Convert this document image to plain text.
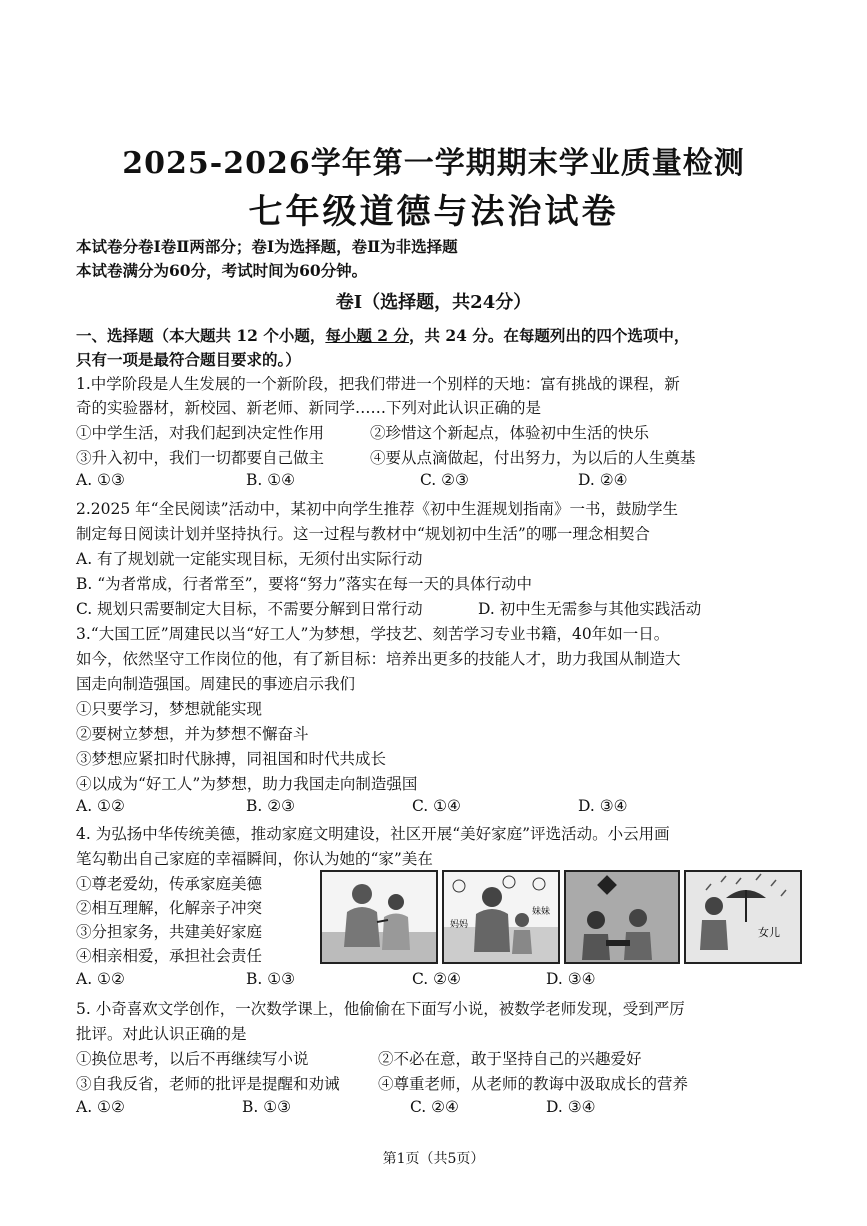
2025-2026学年第一学期期末学业质量检测
七年级道德与法治试卷
本试卷分卷Ⅰ卷Ⅱ两部分；卷Ⅰ为选择题，卷Ⅱ为非选择题
本试卷满分为60分，考试时间为60分钟。
卷Ⅰ（选择题，共24分）
一、选择题（本大题共 12 个小题，每小题 2 分，共 24 分。在每题列出的四个选项中，
只有一项是最符合题目要求的。）
1.中学阶段是人生发展的一个新阶段，把我们带进一个别样的天地：富有挑战的课程，新
奇的实验器材，新校园、新老师、新同学……下列对此认识正确的是
①中学生活，对我们起到决定性作用	②珍惜这个新起点，体验初中生活的快乐
③升入初中，我们一切都要自己做主	④要从点滴做起，付出努力，为以后的人生奠基
A. ①③	B. ①④	C. ②③	D. ②④
2.2025 年“全民阅读”活动中，某初中向学生推荐《初中生涯规划指南》一书，鼓励学生
制定每日阅读计划并坚持执行。这一过程与教材中“规划初中生活”的哪一理念相契合
A. 有了规划就一定能实现目标，无须付出实际行动
B. “为者常成，行者常至”，要将“努力”落实在每一天的具体行动中
C. 规划只需要制定大目标，不需要分解到日常行动	D. 初中生无需参与其他实践活动
3.“大国工匠”周建民以当“好工人”为梦想，学技艺、刻苦学习专业书籍，40年如一日。
如今，依然坚守工作岗位的他，有了新目标：培养出更多的技能人才，助力我国从制造大
国走向制造强国。周建民的事迹启示我们
①只要学习，梦想就能实现
②要树立梦想，并为梦想不懈奋斗
③梦想应紧扣时代脉搏，同祖国和时代共成长
④以成为“好工人”为梦想，助力我国走向制造强国
A. ①②	B. ②③	C. ①④	D. ③④
4. 为弘扬中华传统美德，推动家庭文明建设，社区开展“美好家庭”评选活动。小云用画
笔勾勒出自己家庭的幸福瞬间，你认为她的“家”美在
①尊老爱幼，传承家庭美德
②相互理解，化解亲子冲突
③分担家务，共建美好家庭
④相亲相爱，承担社会责任
妈妈
妹妹
女儿
A. ①②	B. ①③	C. ②④	D. ③④
5. 小奇喜欢文学创作，一次数学课上，他偷偷在下面写小说，被数学老师发现，受到严厉
批评。对此认识正确的是
①换位思考，以后不再继续写小说	②不必在意，敢于坚持自己的兴趣爱好
③自我反省，老师的批评是提醒和劝诫 ④尊重老师，从老师的教诲中汲取成长的营养
A. ①②	B. ①③	C. ②④	D. ③④
第1页（共5页）
